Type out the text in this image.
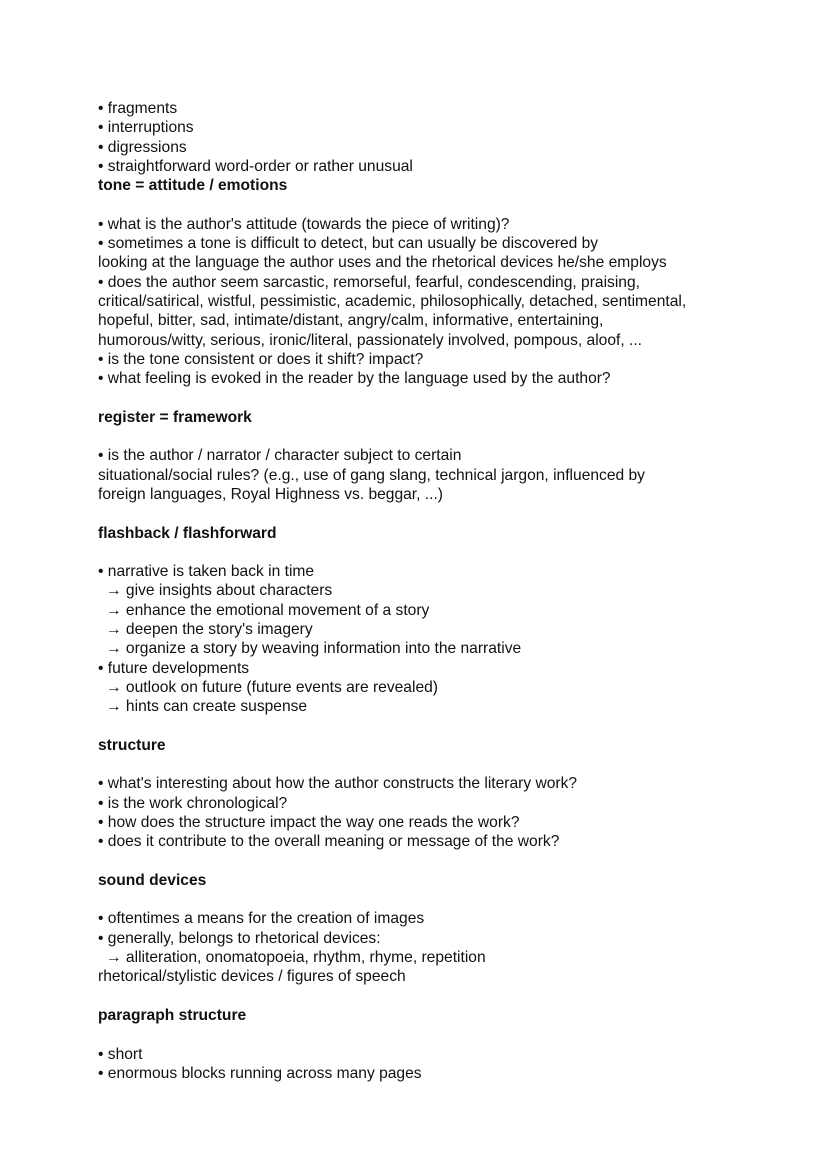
• fragments
• interruptions
• digressions
• straightforward word-order or rather unusual
tone = attitude / emotions
• what is the author's attitude (towards the piece of writing)?
• sometimes a tone is difficult to detect, but can usually be discovered by
looking at the language the author uses and the rhetorical devices he/she employs
• does the author seem sarcastic, remorseful, fearful, condescending, praising,
critical/satirical, wistful, pessimistic, academic, philosophically, detached, sentimental,
hopeful, bitter, sad, intimate/distant, angry/calm, informative, entertaining,
humorous/witty, serious, ironic/literal, passionately involved, pompous, aloof, ...
• is the tone consistent or does it shift? impact?
• what feeling is evoked in the reader by the language used by the author?
register = framework
• is the author / narrator / character subject to certain
situational/social rules? (e.g., use of gang slang, technical jargon, influenced by
foreign languages, Royal Highness vs. beggar, ...)
flashback / flashforward
• narrative is taken back in time
→ give insights about characters
→ enhance the emotional movement of a story
→ deepen the story's imagery
→ organize a story by weaving information into the narrative
• future developments
→ outlook on future (future events are revealed)
→ hints can create suspense
structure
• what's interesting about how the author constructs the literary work?
• is the work chronological?
• how does the structure impact the way one reads the work?
• does it contribute to the overall meaning or message of the work?
sound devices
• oftentimes a means for the creation of images
• generally, belongs to rhetorical devices:
→ alliteration, onomatopoeia, rhythm, rhyme, repetition
rhetorical/stylistic devices / figures of speech
paragraph structure
• short
• enormous blocks running across many pages
